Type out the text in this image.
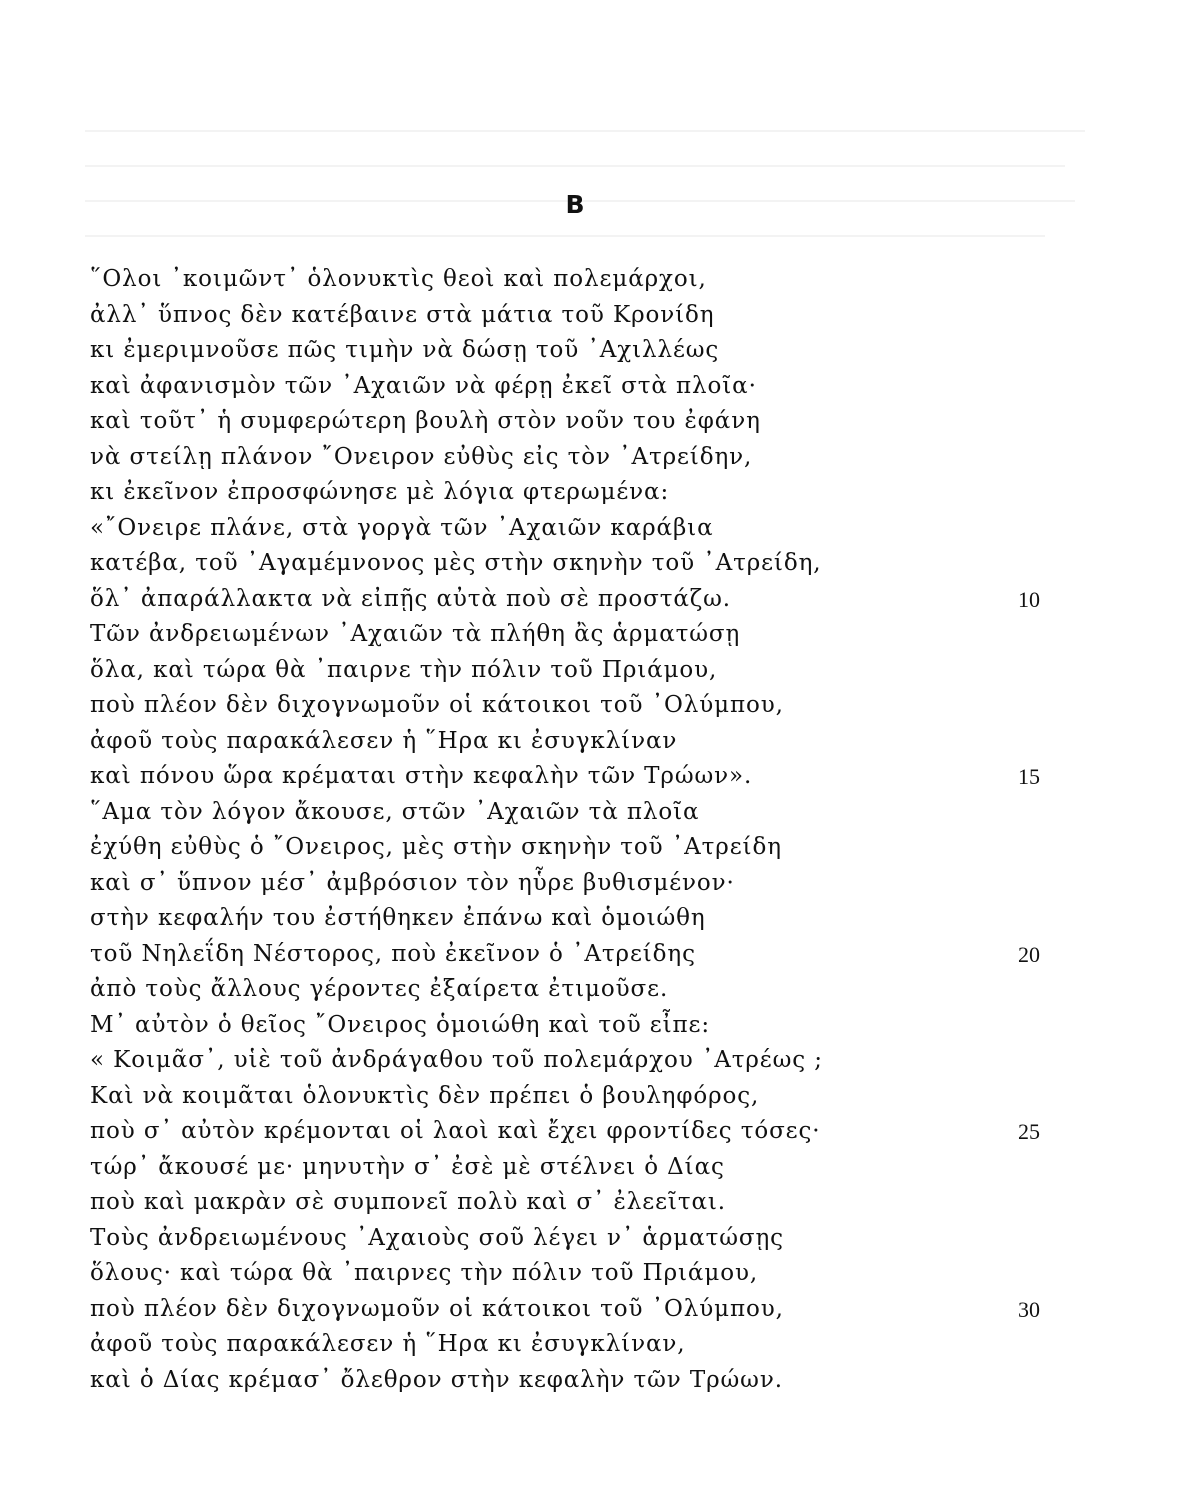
B
῞Ολοι ᾿κοιμῶντ᾿ ὁλονυκτὶς θεοὶ καὶ πολεμάρχοι,
ἀλλ᾿ ὕπνος δὲν κατέβαινε στὰ μάτια τοῦ Κρονίδη
κι ἐμεριμνοῦσε πῶς τιμὴν νὰ δώσῃ τοῦ ᾿Αχιλλέως
καὶ ἀφανισμὸν τῶν ᾿Αχαιῶν νὰ φέρῃ ἐκεῖ στὰ πλοῖα·
καὶ τοῦτ᾿ ἡ συμφερώτερη βουλὴ στὸν νοῦν του ἐφάνη
νὰ στείλῃ πλάνον ῎Ονειρον εὐθὺς εἰς τὸν ᾿Ατρείδην,
κι ἐκεῖνον ἐπροσφώνησε μὲ λόγια φτερωμένα:
«῎Ονειρε πλάνε, στὰ γοργὰ τῶν ᾿Αχαιῶν καράβια
κατέβα, τοῦ ᾿Αγαμέμνονος μὲς στὴν σκηνὴν τοῦ ᾿Ατρείδη,
ὅλ᾿ ἀπαράλλακτα νὰ εἰπῇς αὐτὰ ποὺ σὲ προστάζω.	10
Τῶν ἀνδρειωμένων ᾿Αχαιῶν τὰ πλήθη ἂς ἁρματώσῃ
ὅλα, καὶ τώρα θὰ ᾿παιρνε τὴν πόλιν τοῦ Πριάμου,
ποὺ πλέον δὲν διχογνωμοῦν οἱ κάτοικοι τοῦ ᾿Ολύμπου,
ἀφοῦ τοὺς παρακάλεσεν ἡ ῞Ηρα κι ἐσυγκλίναν
καὶ πόνου ὥρα κρέμαται στὴν κεφαλὴν τῶν Τρώων».	15
῞Αμα τὸν λόγον ἄκουσε, στῶν ᾿Αχαιῶν τὰ πλοῖα
ἐχύθη εὐθὺς ὁ ῎Ονειρος, μὲς στὴν σκηνὴν τοῦ ᾿Ατρείδη
καὶ σ᾿ ὕπνον μέσ᾿ ἀμβρόσιον τὸν ηὗρε βυθισμένον·
στὴν κεφαλήν του ἐστήθηκεν ἐπάνω καὶ ὁμοιώθη
τοῦ Νηλεΐδη Νέστορος, ποὺ ἐκεῖνον ὁ ᾿Ατρείδης	20
ἀπὸ τοὺς ἄλλους γέροντες ἐξαίρετα ἐτιμοῦσε.
Μ᾿ αὐτὸν ὁ θεῖος ῎Ονειρος ὁμοιώθη καὶ τοῦ εἶπε:
« Κοιμᾶσ᾿, υἱὲ τοῦ ἀνδράγαθου τοῦ πολεμάρχου ᾿Ατρέως ;
Καὶ νὰ κοιμᾶται ὁλονυκτὶς δὲν πρέπει ὁ βουληφόρος,
ποὺ σ᾿ αὐτὸν κρέμονται οἱ λαοὶ καὶ ἔχει φροντίδες τόσες·	25
τώρ᾿ ἄκουσέ με· μηνυτὴν σ᾿ ἐσὲ μὲ στέλνει ὁ Δίας
ποὺ καὶ μακρὰν σὲ συμπονεῖ πολὺ καὶ σ᾿ ἐλεεῖται.
Τοὺς ἀνδρειωμένους ᾿Αχαιοὺς σοῦ λέγει ν᾿ ἁρματώσῃς
ὅλους· καὶ τώρα θὰ ᾿παιρνες τὴν πόλιν τοῦ Πριάμου,
ποὺ πλέον δὲν διχογνωμοῦν οἱ κάτοικοι τοῦ ᾿Ολύμπου,	30
ἀφοῦ τοὺς παρακάλεσεν ἡ ῞Ηρα κι ἐσυγκλίναν,
καὶ ὁ Δίας κρέμασ᾿ ὄλεθρον στὴν κεφαλὴν τῶν Τρώων.
